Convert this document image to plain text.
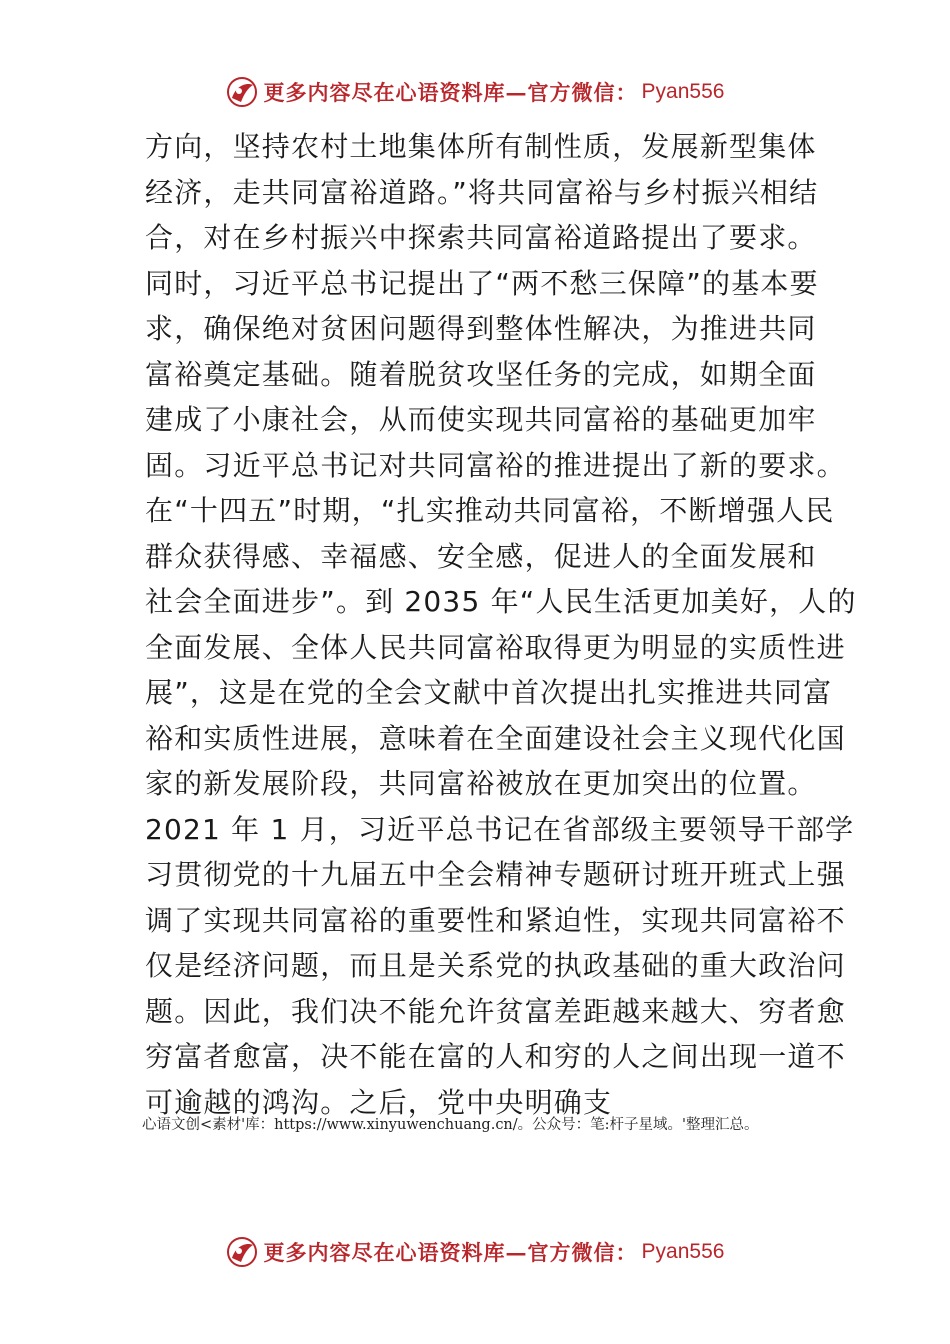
更多内容尽在心语资料库—官方微信： Pyan556
方向，坚持农村土地集体所有制性质，发展新型集体
经济，走共同富裕道路。”将共同富裕与乡村振兴相结
合，对在乡村振兴中探索共同富裕道路提出了要求。
同时，习近平总书记提出了“两不愁三保障”的基本要
求，确保绝对贫困问题得到整体性解决，为推进共同
富裕奠定基础。随着脱贫攻坚任务的完成，如期全面
建成了小康社会，从而使实现共同富裕的基础更加牢
固。习近平总书记对共同富裕的推进提出了新的要求。
在“十四五”时期，“扎实推动共同富裕，不断增强人民
群众获得感、幸福感、安全感，促进人的全面发展和
社会全面进步”。到 2035 年“人民生活更加美好，人的
全面发展、全体人民共同富裕取得更为明显的实质性进
展”，这是在党的全会文献中首次提出扎实推进共同富
裕和实质性进展，意味着在全面建设社会主义现代化国
家的新发展阶段，共同富裕被放在更加突出的位置。
2021 年 1 月，习近平总书记在省部级主要领导干部学
习贯彻党的十九届五中全会精神专题研讨班开班式上强
调了实现共同富裕的重要性和紧迫性，实现共同富裕不
仅是经济问题，而且是关系党的执政基础的重大政治问
题。因此，我们决不能允许贫富差距越来越大、穷者愈
穷富者愈富，决不能在富的人和穷的人之间出现一道不
可逾越的鸿沟。之后，党中央明确支
心语文创<素材'库：https://www.xinyuwenchuang.cn/。公众号：笔:杆子星域。'整理汇总。
更多内容尽在心语资料库—官方微信： Pyan556
